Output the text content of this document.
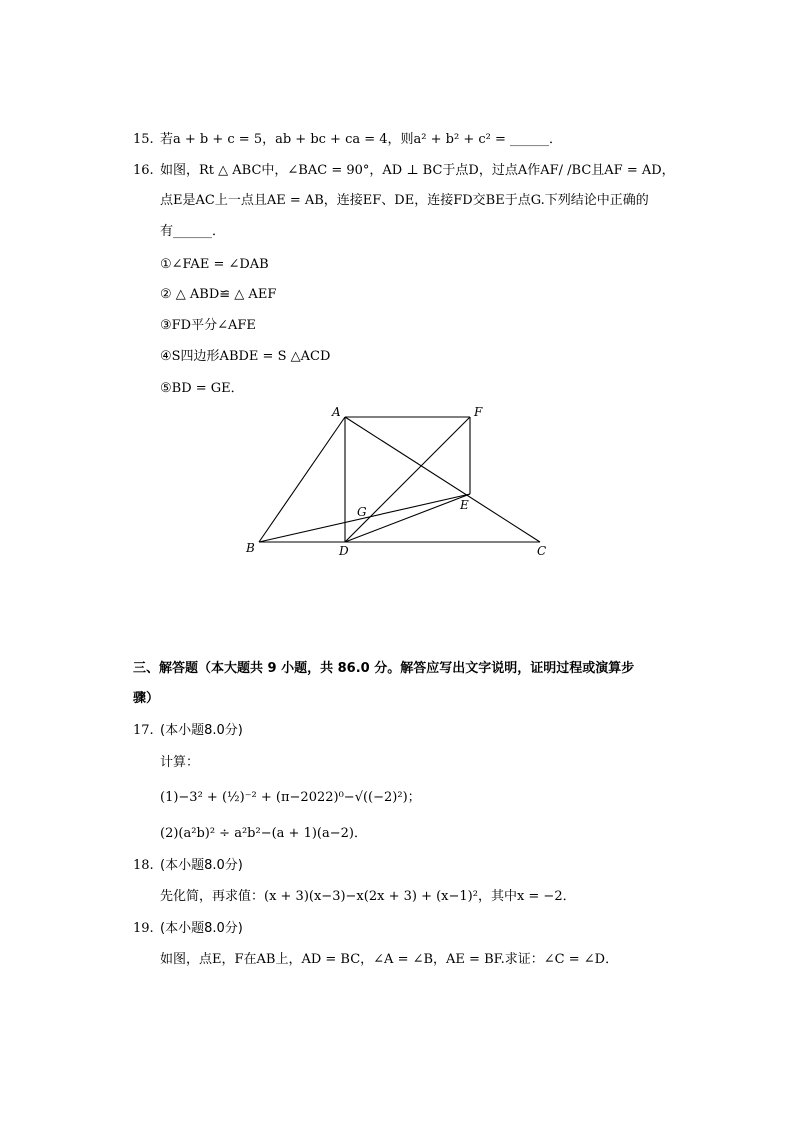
15. 若a + b + c = 5，ab + bc + ca = 4，则a² + b² + c² = ______．
16. 如图，Rt △ ABC中，∠BAC = 90°，AD ⊥ BC于点D，过点A作AF/ /BC且AF = AD，
点E是AC上一点且AE = AB，连接EF、DE，连接FD交BE于点G.下列结论中正确的
有______．
①∠FAE = ∠DAB
② △ ABD≌ △ AEF
③FD平分∠AFE
④S四边形ABDE = S △ACD
⑤BD = GE．
A	F
G	E
B	D	C
三、解答题（本大题共 9 小题，共 86.0 分。解答应写出文字说明，证明过程或演算步
骤）
17. (本小题8.0分)
计算：
(1)−3² + (½)⁻² + (π−2022)⁰−√((−2)²)；
(2)(a²b)² ÷ a²b²−(a + 1)(a−2)．
18. (本小题8.0分)
先化简，再求值：(x + 3)(x−3)−x(2x + 3) + (x−1)²，其中x = −2．
19. (本小题8.0分)
如图，点E，F在AB上，AD = BC，∠A = ∠B，AE = BF.求证：∠C = ∠D．
